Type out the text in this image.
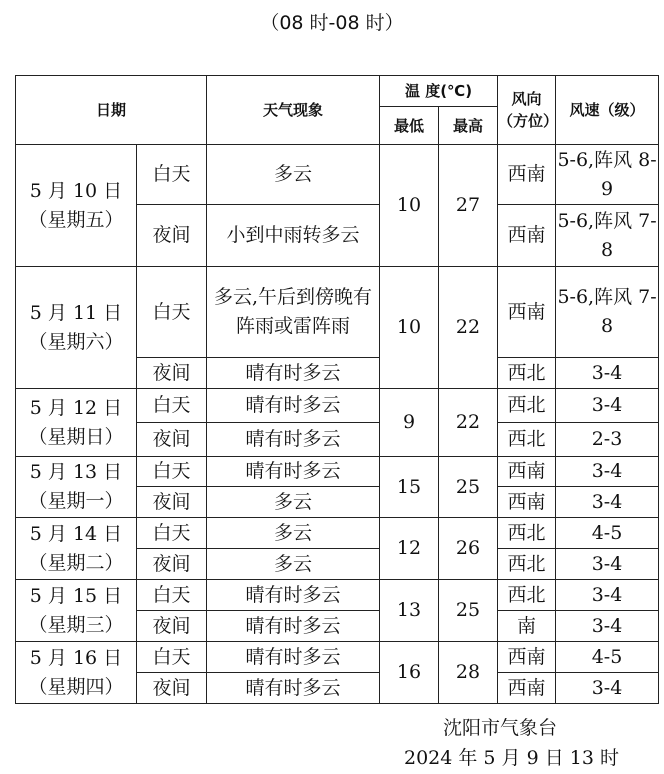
（08 时-08 时）
日期		天气现象	温 度(℃)		风向（方位）	风速（级）
			最低	最高		

5 月 10 日
（星期五）	白天	多云	10	27	西南	5-6,阵风 8-9
	夜间	小到中雨转多云			西南	5-6,阵风 7-8

5 月 11 日
（星期六）	白天	多云,午后到傍晚有阵雨或雷阵雨	10	22	西南	5-6,阵风 7-8
	夜间	晴有时多云			西北	3-4

5 月 12 日
（星期日）	白天	晴有时多云	9	22	西北	3-4
	夜间	晴有时多云			西北	2-3

5 月 13 日
（星期一）	白天	晴有时多云	15	25	西南	3-4
	夜间	多云			西南	3-4

5 月 14 日
（星期二）	白天	多云	12	26	西北	4-5
	夜间	多云			西北	3-4

5 月 15 日
（星期三）	白天	晴有时多云	13	25	西北	3-4
	夜间	晴有时多云			南	3-4

5 月 16 日
（星期四）	白天	晴有时多云	16	28	西南	4-5
	夜间	晴有时多云			西南	3-4
沈阳市气象台
2024 年 5 月 9 日 13 时
